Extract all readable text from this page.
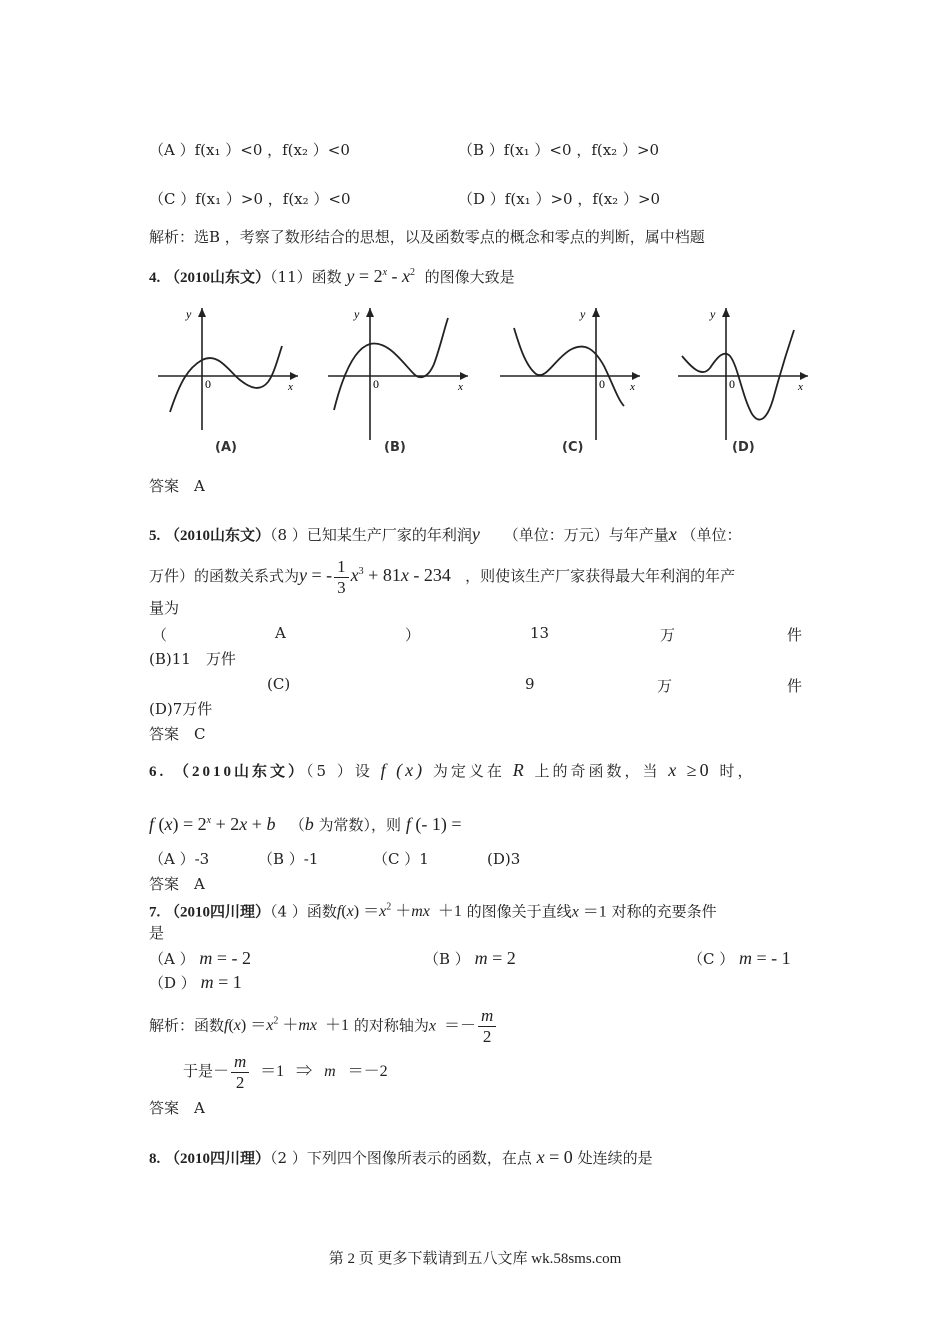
（A ）f(x₁ ）<0 ，f(x₂ ）<0	（B ）f(x₁ ）<0 ，f(x₂ ）>0
（C ）f(x₁ ）>0 ，f(x₂ ）<0	（D ）f(x₁ ）>0 ，f(x₂ ）>0
解析：选B ，考察了数形结合的思想，以及函数零点的概念和零点的判断，属中档题
4. （2010山东文）（11）函数 $y = 2^x - x^2$ 的图像大致是
y
0	x
(A)
y
0	x
(B)
y
0 x
(C)
y
0	x
(D)
答案　A
5. （2010山东文）（8 ）已知某生产厂家的年利润y （单位：万元）与年产量x （单位：
万件）的函数关系式为y = - $\frac{1}{3} x^3 + 81x - 234$ ，则使该生产厂家获得最大年利润的年产
量为
（	A	）	13	万	件
(B)11　万件
(C)	9	万	件
(D)7万件
答案　C
6. （2010山东文）（5 ）设 f (x) 为定义在 R 上的奇函数，当 x ≥0 时，
f $(x) = 2^x + 2x + b$ （b 为常数），则 f (- 1) =
（A ）-3	（B ）-1	（C ）1	(D)3
答案　A
7. （2010四川理）（4 ）函数$f(x) =x^2 +mx +1$ 的图像关于直线x ＝1 对称的充要条件
是
（A ） m = - 2	（B ） m = 2	（C ） m = - 1
（D ） m = 1
解析：函数$f(x) =x^2 +mx +1$ 的对称轴为$x =- \frac{m}{2}$
于是－ $\frac{m}{2} =1$   ⇒   m   ＝－2
答案　A
8. （2010四川理）（2 ）下列四个图像所表示的函数，在点 x = 0 处连续的是
第 2 页 更多下载请到五八文库 wk.58sms.com
